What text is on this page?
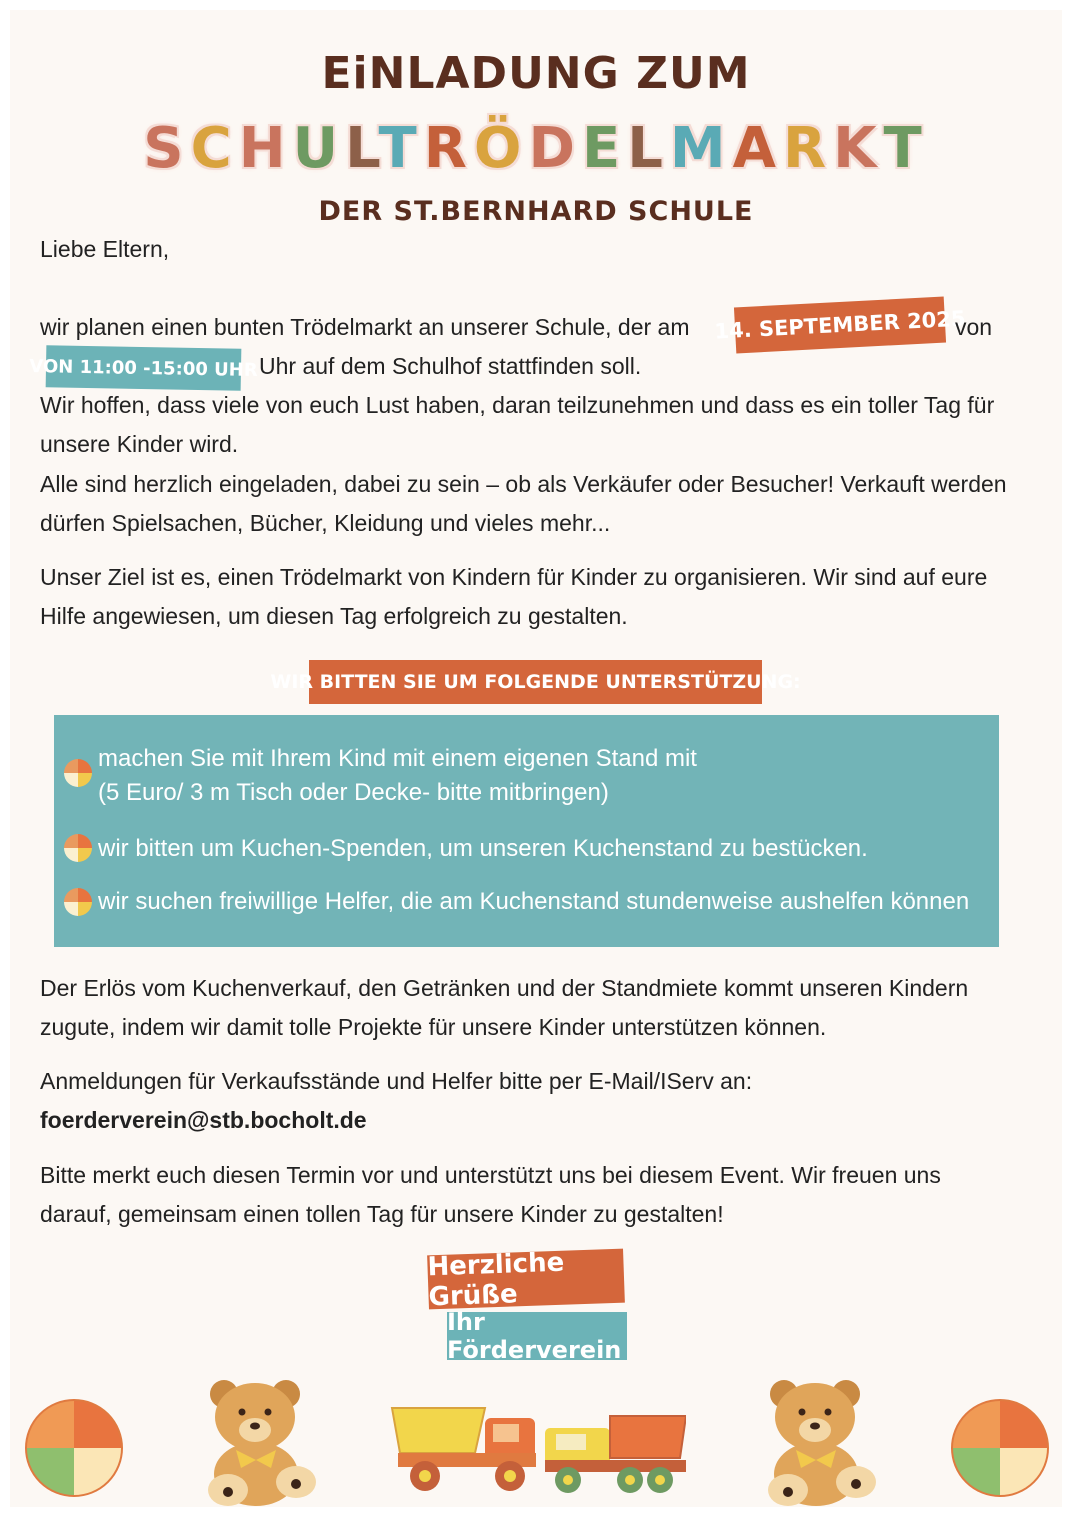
EiNLADUNG ZUM
SCHULTRÖDELMARKT
DER ST.BERNHARD SCHULE
Liebe Eltern,
wir planen einen bunten Trödelmarkt an unserer Schule, der am 14. SEPTEMBER 2025
von
VON 11:00 -15:00 UHR Uhr auf dem Schulhof stattfinden soll.
Wir hoffen, dass viele von euch Lust haben, daran teilzunehmen und dass es ein toller Tag für
unsere Kinder wird.
Alle sind herzlich eingeladen, dabei zu sein – ob als Verkäufer oder Besucher! Verkauft werden
dürfen Spielsachen, Bücher, Kleidung und vieles mehr...
Unser Ziel ist es, einen Trödelmarkt von Kindern für Kinder zu organisieren. Wir sind auf eure
Hilfe angewiesen, um diesen Tag erfolgreich zu gestalten.
WIR BITTEN SIE UM FOLGENDE UNTERSTÜTZUNG:
machen Sie mit Ihrem Kind mit einem eigenen Stand mit
(5 Euro/ 3 m Tisch oder Decke- bitte mitbringen)
wir bitten um Kuchen-Spenden, um unseren Kuchenstand zu bestücken.
wir suchen freiwillige Helfer, die am Kuchenstand stundenweise aushelfen können
Der Erlös vom Kuchenverkauf, den Getränken und der Standmiete kommt unseren Kindern
zugute, indem wir damit tolle Projekte für unsere Kinder unterstützen können.
Anmeldungen für Verkaufsstände und Helfer bitte per E-Mail/IServ an:
foerderverein@stb.bocholt.de
Bitte merkt euch diesen Termin vor und unterstützt uns bei diesem Event. Wir freuen uns
darauf, gemeinsam einen tollen Tag für unsere Kinder zu gestalten!
Herzliche Grüße
Ihr Förderverein
